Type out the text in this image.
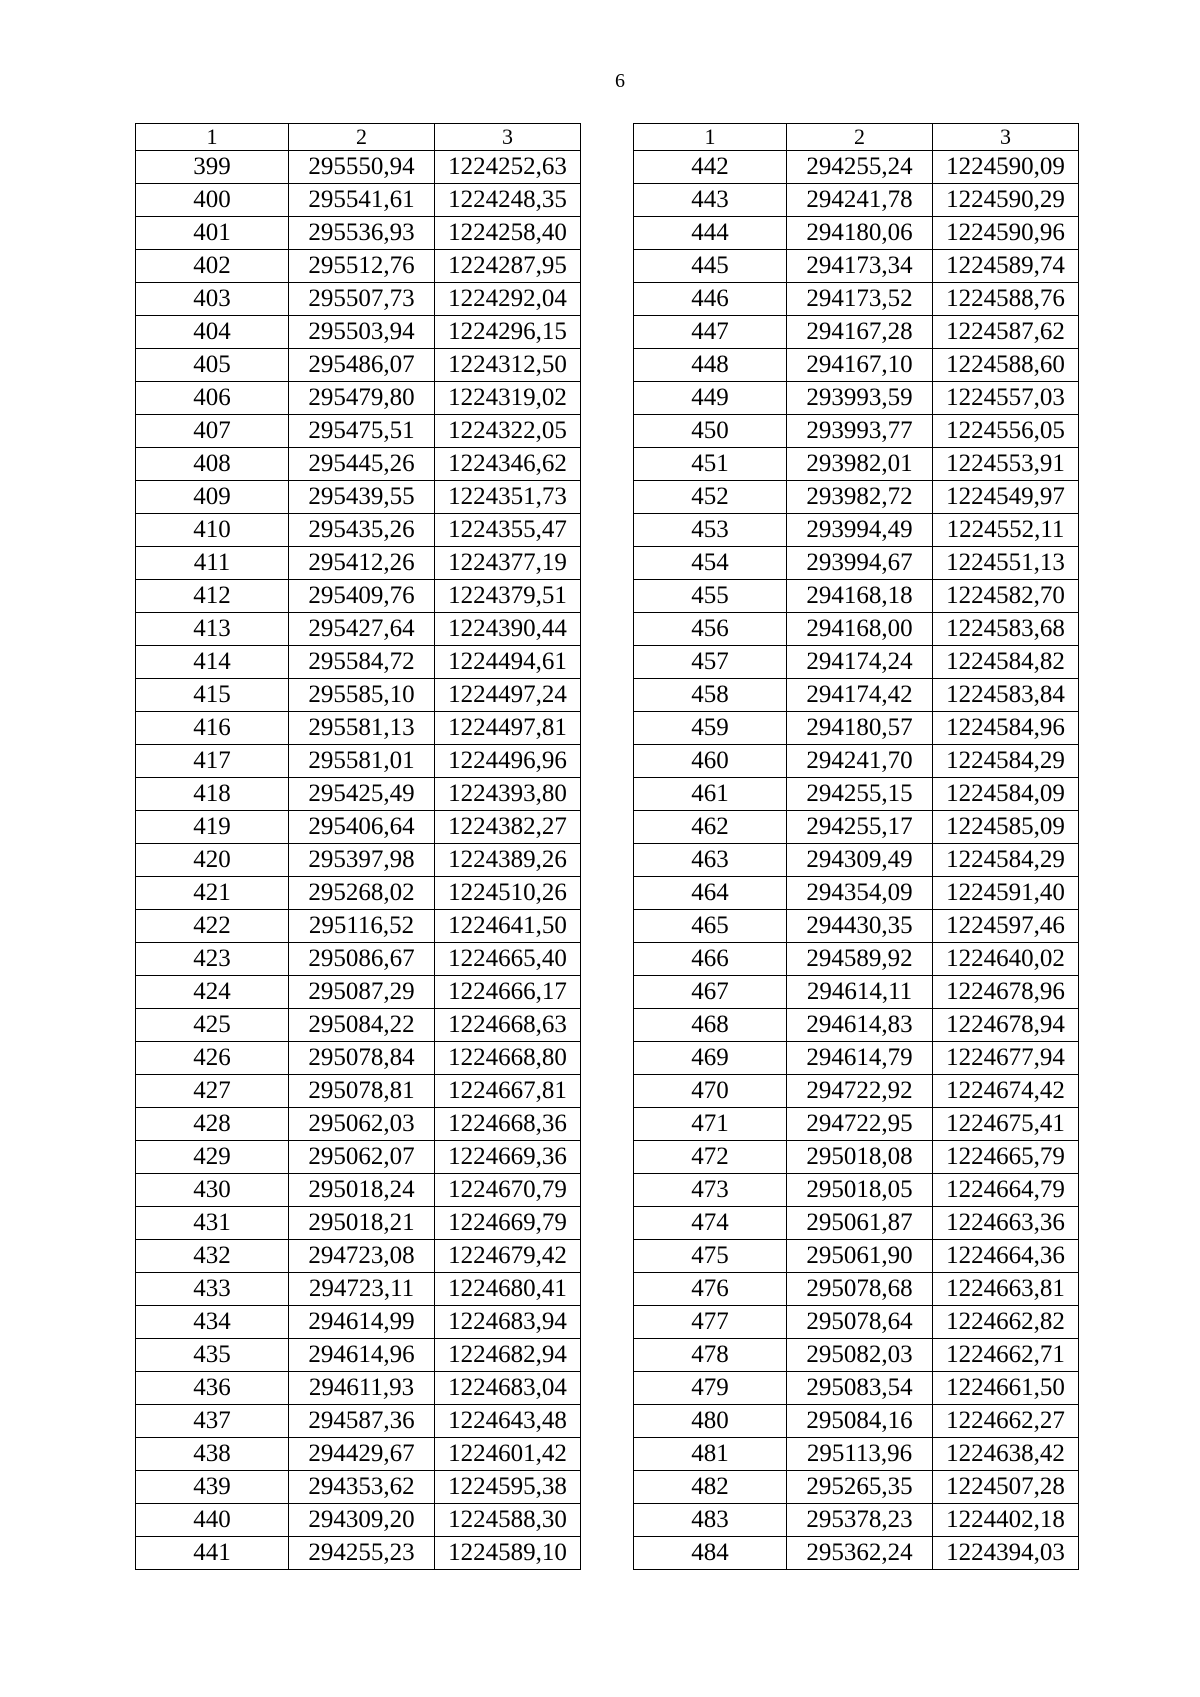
6
1	2	3
399	295550,94	1224252,63
400	295541,61	1224248,35
401	295536,93	1224258,40
402	295512,76	1224287,95
403	295507,73	1224292,04
404	295503,94	1224296,15
405	295486,07	1224312,50
406	295479,80	1224319,02
407	295475,51	1224322,05
408	295445,26	1224346,62
409	295439,55	1224351,73
410	295435,26	1224355,47
411	295412,26	1224377,19
412	295409,76	1224379,51
413	295427,64	1224390,44
414	295584,72	1224494,61
415	295585,10	1224497,24
416	295581,13	1224497,81
417	295581,01	1224496,96
418	295425,49	1224393,80
419	295406,64	1224382,27
420	295397,98	1224389,26
421	295268,02	1224510,26
422	295116,52	1224641,50
423	295086,67	1224665,40
424	295087,29	1224666,17
425	295084,22	1224668,63
426	295078,84	1224668,80
427	295078,81	1224667,81
428	295062,03	1224668,36
429	295062,07	1224669,36
430	295018,24	1224670,79
431	295018,21	1224669,79
432	294723,08	1224679,42
433	294723,11	1224680,41
434	294614,99	1224683,94
435	294614,96	1224682,94
436	294611,93	1224683,04
437	294587,36	1224643,48
438	294429,67	1224601,42
439	294353,62	1224595,38
440	294309,20	1224588,30
441	294255,23	1224589,10
1	2	3
442	294255,24	1224590,09
443	294241,78	1224590,29
444	294180,06	1224590,96
445	294173,34	1224589,74
446	294173,52	1224588,76
447	294167,28	1224587,62
448	294167,10	1224588,60
449	293993,59	1224557,03
450	293993,77	1224556,05
451	293982,01	1224553,91
452	293982,72	1224549,97
453	293994,49	1224552,11
454	293994,67	1224551,13
455	294168,18	1224582,70
456	294168,00	1224583,68
457	294174,24	1224584,82
458	294174,42	1224583,84
459	294180,57	1224584,96
460	294241,70	1224584,29
461	294255,15	1224584,09
462	294255,17	1224585,09
463	294309,49	1224584,29
464	294354,09	1224591,40
465	294430,35	1224597,46
466	294589,92	1224640,02
467	294614,11	1224678,96
468	294614,83	1224678,94
469	294614,79	1224677,94
470	294722,92	1224674,42
471	294722,95	1224675,41
472	295018,08	1224665,79
473	295018,05	1224664,79
474	295061,87	1224663,36
475	295061,90	1224664,36
476	295078,68	1224663,81
477	295078,64	1224662,82
478	295082,03	1224662,71
479	295083,54	1224661,50
480	295084,16	1224662,27
481	295113,96	1224638,42
482	295265,35	1224507,28
483	295378,23	1224402,18
484	295362,24	1224394,03
